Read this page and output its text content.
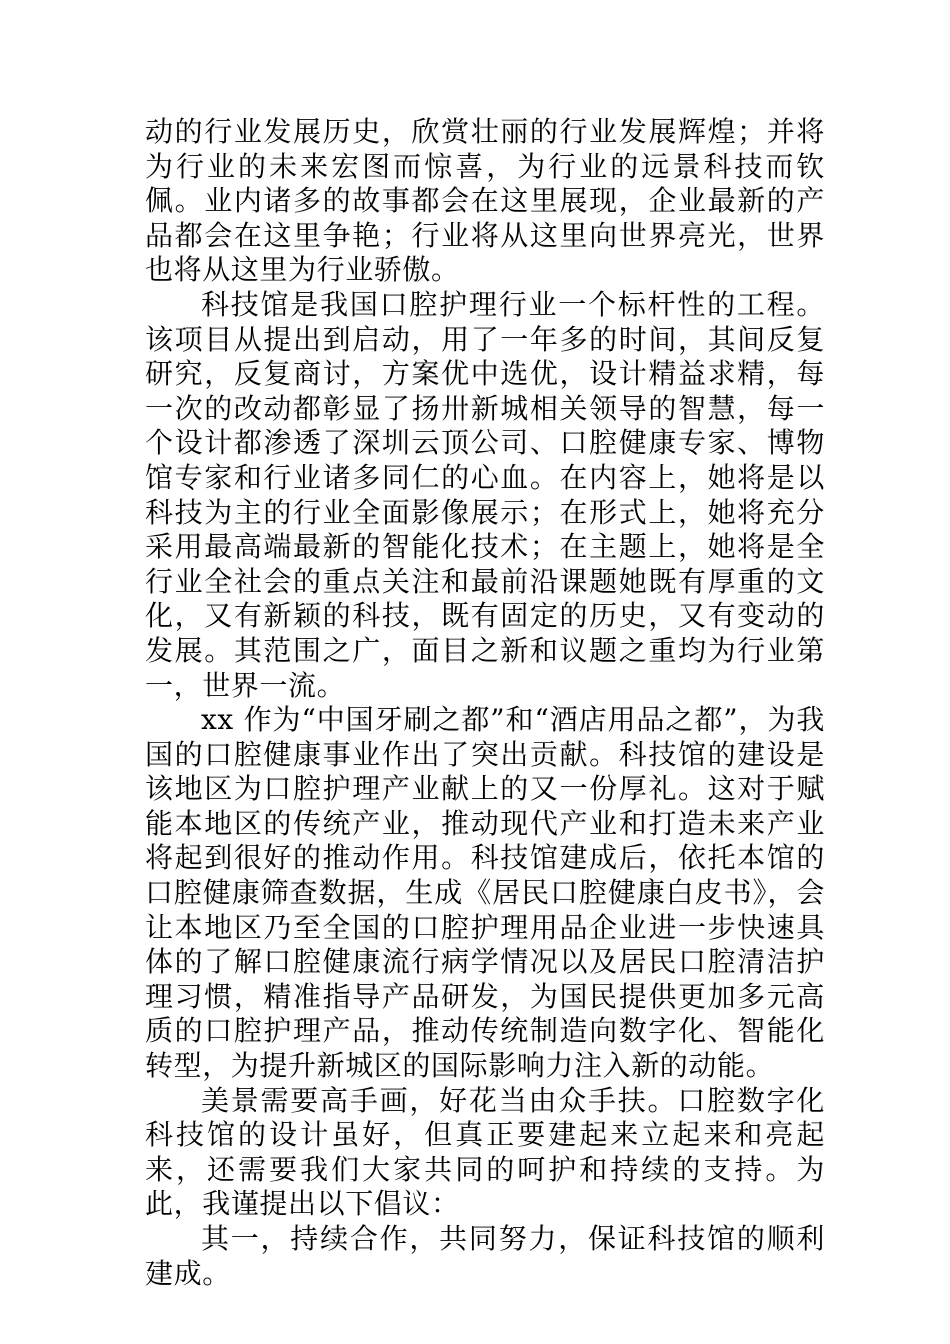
动的行业发展历史，欣赏壮丽的行业发展辉煌；并将为行业的未来宏图而惊喜，为行业的远景科技而钦佩。业内诸多的故事都会在这里展现，企业最新的产品都会在这里争艳；行业将从这里向世界亮光，世界也将从这里为行业骄傲。

科技馆是我国口腔护理行业一个标杆性的工程。该项目从提出到启动，用了一年多的时间，其间反复研究，反复商讨，方案优中选优，设计精益求精，每一次的改动都彰显了扬卅新城相关领导的智慧，每一个设计都渗透了深圳云顶公司、口腔健康专家、博物馆专家和行业诸多同仁的心血。在内容上，她将是以科技为主的行业全面影像展示；在形式上，她将充分采用最高端最新的智能化技术；在主题上，她将是全行业全社会的重点关注和最前沿课题她既有厚重的文化，又有新颖的科技，既有固定的历史，又有变动的发展。其范围之广，面目之新和议题之重均为行业第一，世界一流。

xx 作为“中国牙刷之都”和“酒店用品之都”，为我国的口腔健康事业作出了突出贡献。科技馆的建设是该地区为口腔护理产业献上的又一份厚礼。这对于赋能本地区的传统产业，推动现代产业和打造未来产业将起到很好的推动作用。科技馆建成后，依托本馆的口腔健康筛查数据，生成《居民口腔健康白皮书》，会让本地区乃至全国的口腔护理用品企业进一步快速具体的了解口腔健康流行病学情况以及居民口腔清洁护理习惯，精准指导产品研发，为国民提供更加多元高质的口腔护理产品，推动传统制造向数字化、智能化转型，为提升新城区的国际影响力注入新的动能。

美景需要高手画，好花当由众手扶。口腔数字化科技馆的设计虽好，但真正要建起来立起来和亮起来，还需要我们大家共同的呵护和持续的支持。为此，我谨提出以下倡议：

其一，持续合作，共同努力，保证科技馆的顺利建成。
